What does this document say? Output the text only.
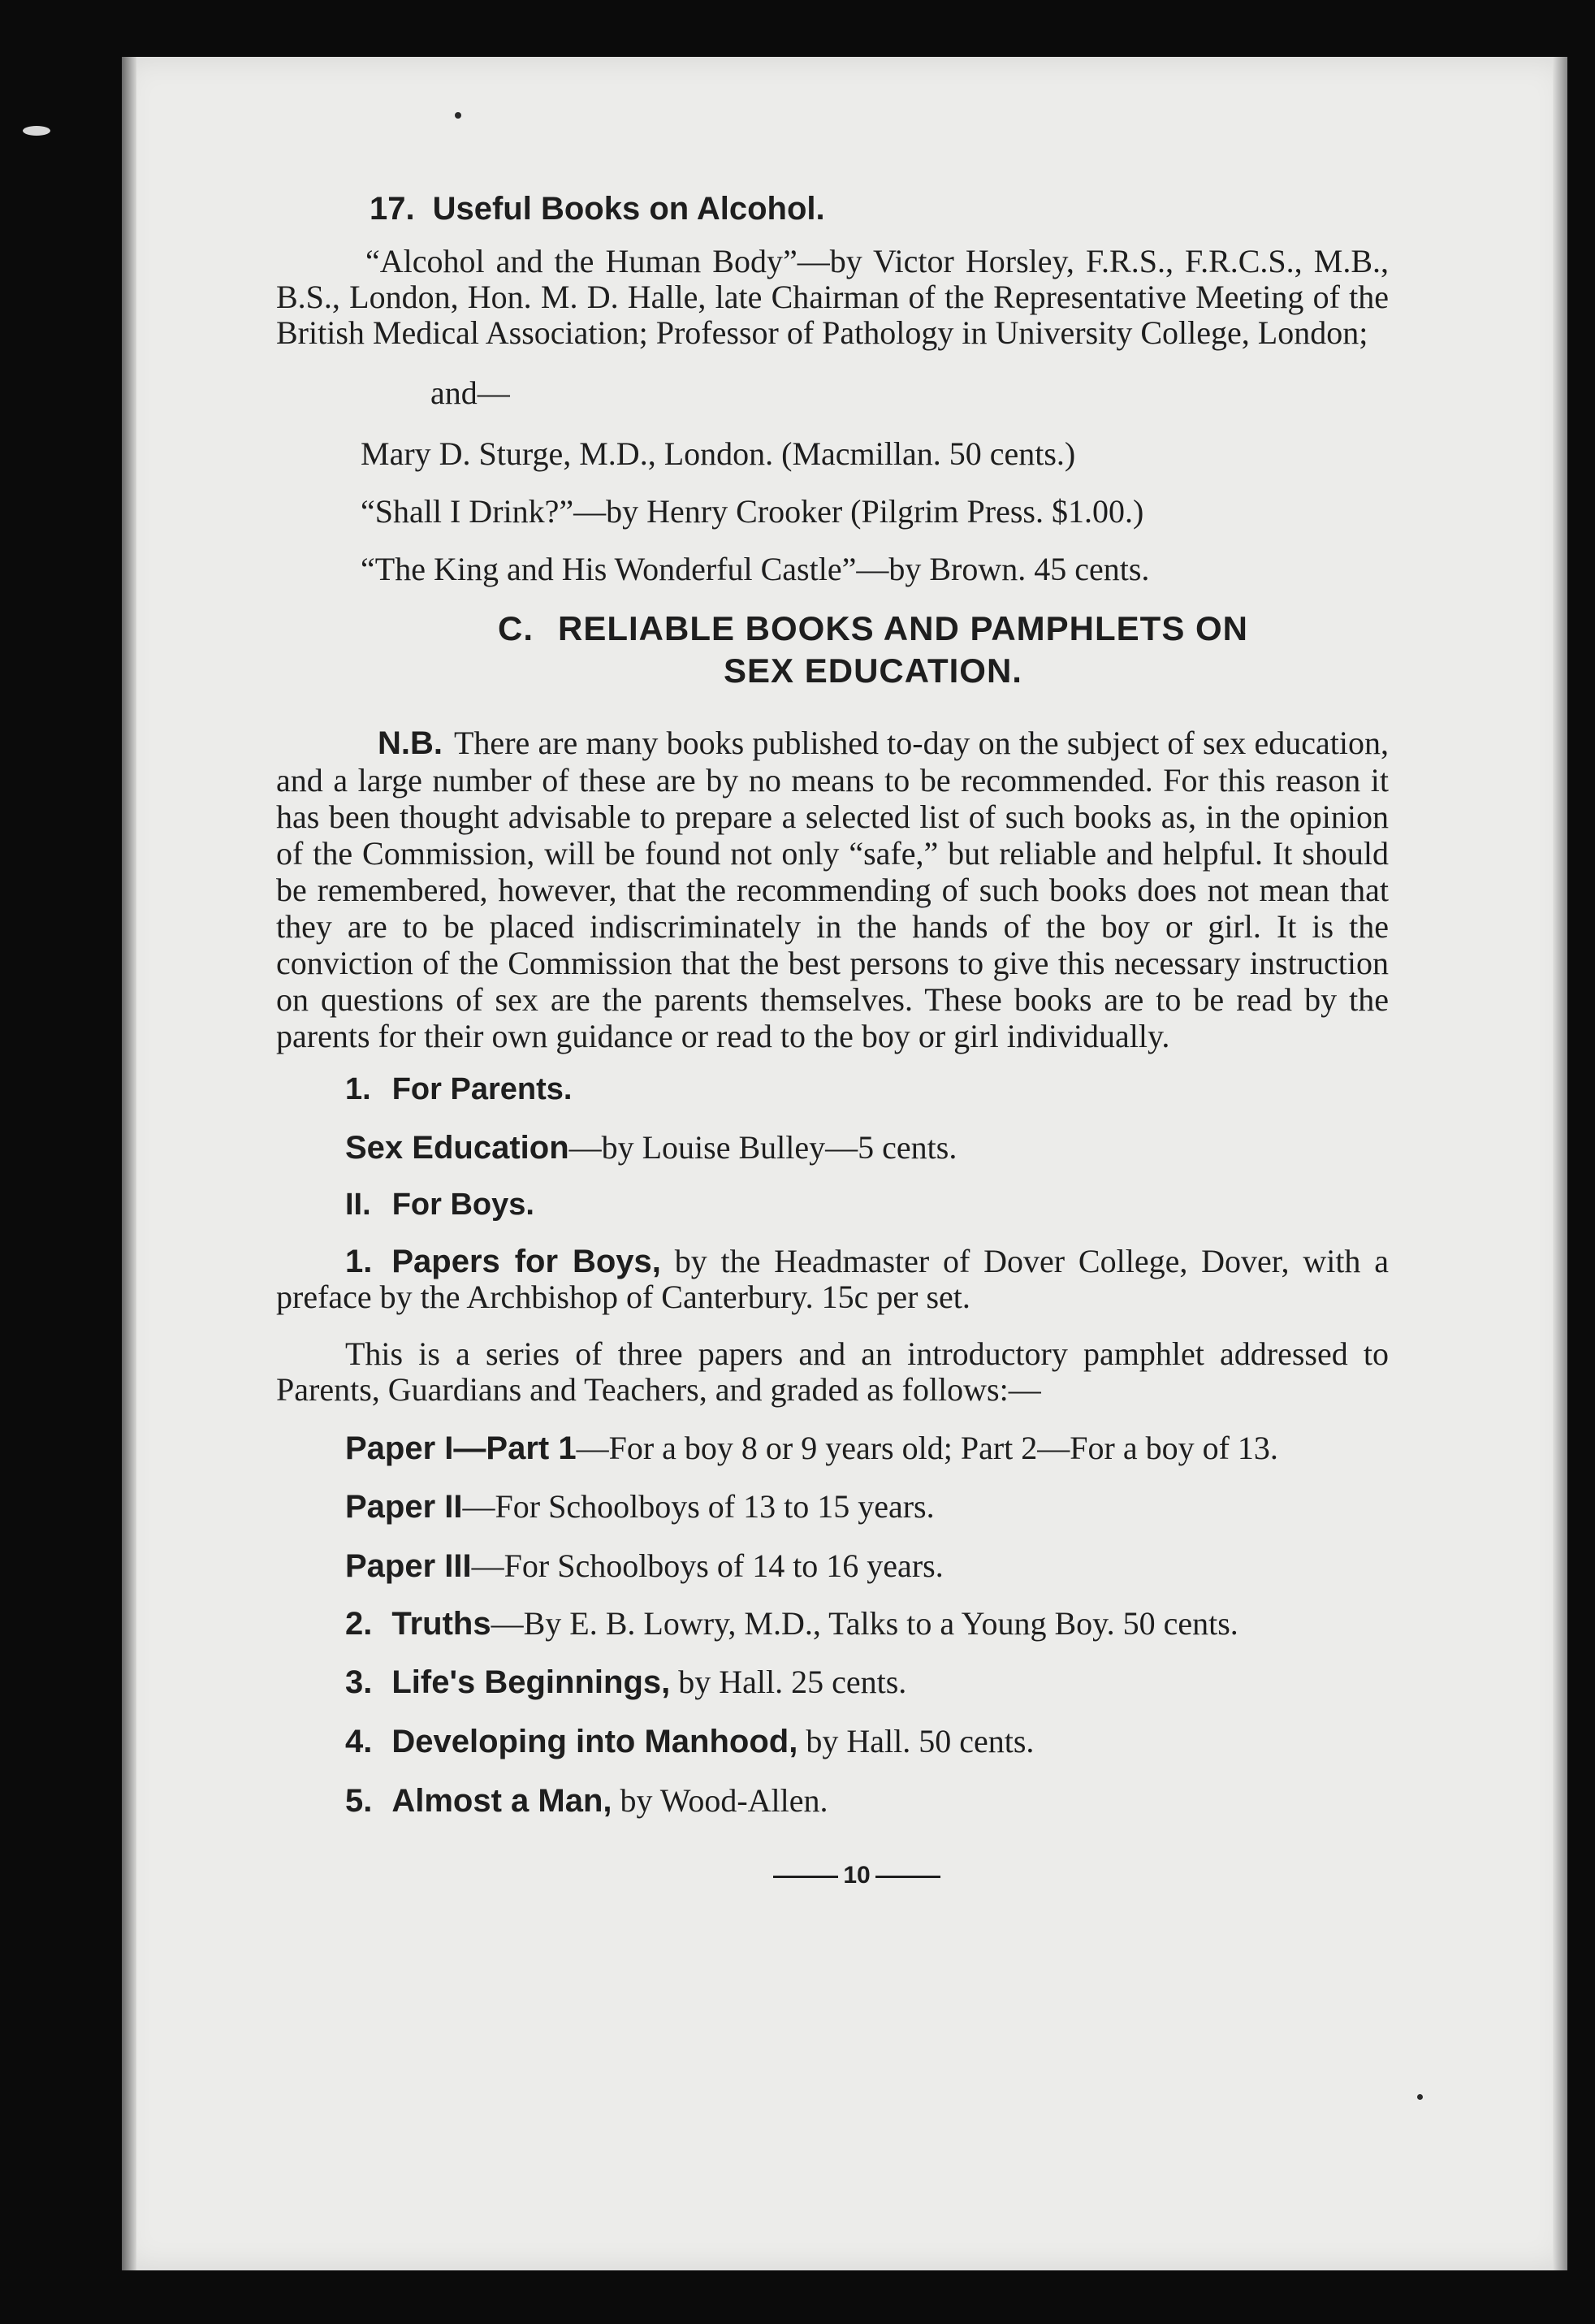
17. Useful Books on Alcohol.

“Alcohol and the Human Body”—by Victor Horsley, F.R.S., F.R.C.S., M.B., B.S., London, Hon. M. D. Halle, late Chairman of the Representative Meeting of the British Medical Association; Professor of Pathology in University College, London;

and—

Mary D. Sturge, M.D., London. (Macmillan. 50 cents.)

“Shall I Drink?”—by Henry Crooker (Pilgrim Press. $1.00.)

“The King and His Wonderful Castle”—by Brown. 45 cents.

C. RELIABLE BOOKS AND PAMPHLETS ON
SEX EDUCATION.

N.B. There are many books published to-day on the subject of sex education, and a large number of these are by no means to be recommended. For this reason it has been thought advisable to prepare a selected list of such books as, in the opinion of the Commission, will be found not only “safe,” but reliable and helpful. It should be remembered, however, that the recommending of such books does not mean that they are to be placed indiscriminately in the hands of the boy or girl. It is the conviction of the Commission that the best persons to give this necessary instruction on questions of sex are the parents themselves. These books are to be read by the parents for their own guidance or read to the boy or girl individually.

1. For Parents.

Sex Education—by Louise Bulley—5 cents.

II. For Boys.

1. Papers for Boys, by the Headmaster of Dover College, Dover, with a preface by the Archbishop of Canterbury. 15c per set.

This is a series of three papers and an introductory pamphlet addressed to Parents, Guardians and Teachers, and graded as follows:—

Paper I—Part 1—For a boy 8 or 9 years old; Part 2—For a boy of 13.

Paper II—For Schoolboys of 13 to 15 years.

Paper III—For Schoolboys of 14 to 16 years.

2. Truths—By E. B. Lowry, M.D., Talks to a Young Boy. 50 cents.

3. Life's Beginnings, by Hall. 25 cents.

4. Developing into Manhood, by Hall. 50 cents.

5. Almost a Man, by Wood-Allen.

10
